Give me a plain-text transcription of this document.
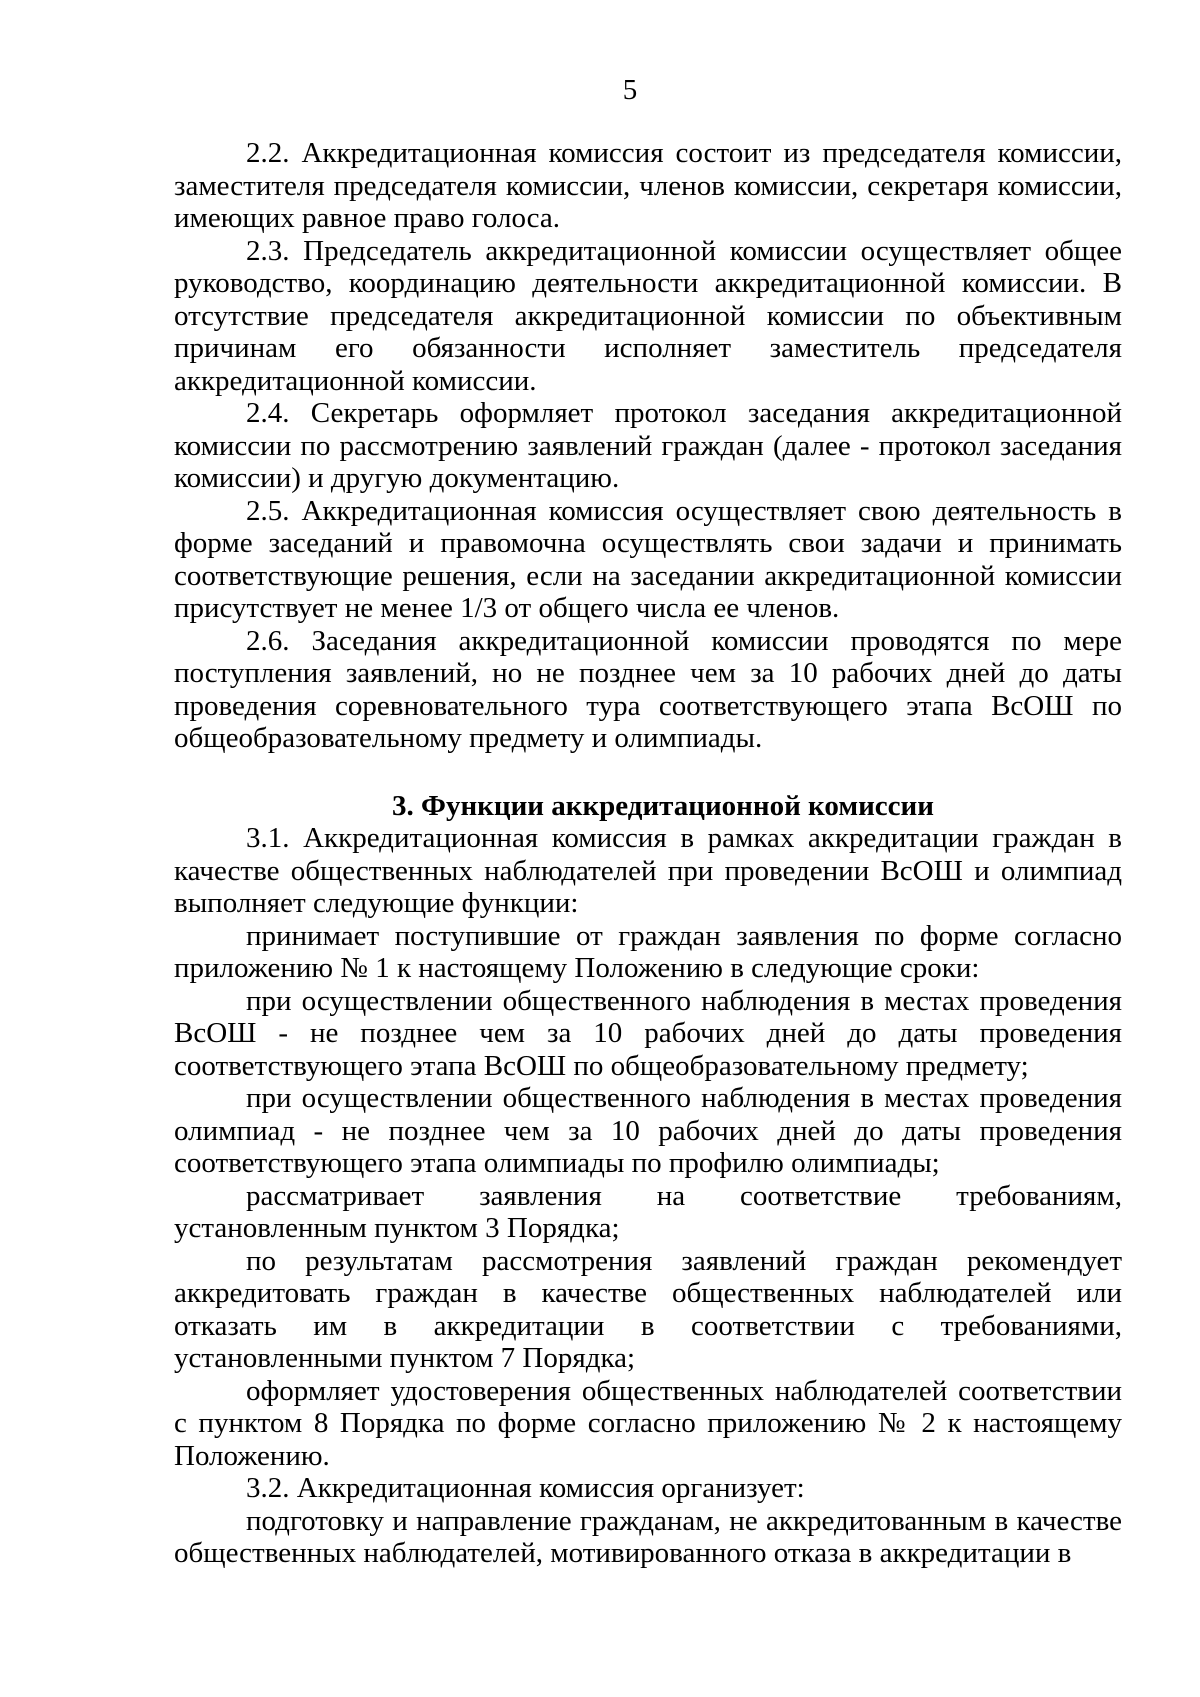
5

2.2. Аккредитационная комиссия состоит из председателя комиссии, заместителя председателя комиссии, членов комиссии, секретаря комиссии, имеющих равное право голоса.

2.3. Председатель аккредитационной комиссии осуществляет общее руководство, координацию деятельности аккредитационной комиссии. В отсутствие председателя аккредитационной комиссии по объективным причинам его обязанности исполняет заместитель председателя аккредитационной комиссии.

2.4. Секретарь оформляет протокол заседания аккредитационной комиссии по рассмотрению заявлений граждан (далее - протокол заседания комиссии) и другую документацию.

2.5. Аккредитационная комиссия осуществляет свою деятельность в форме заседаний и правомочна осуществлять свои задачи и принимать соответствующие решения, если на заседании аккредитационной комиссии присутствует не менее 1/3 от общего числа ее членов.

2.6. Заседания аккредитационной комиссии проводятся по мере поступления заявлений, но не позднее чем за 10 рабочих дней до даты проведения соревновательного тура соответствующего этапа ВсОШ по общеобразовательному предмету и олимпиады.

3. Функции аккредитационной комиссии

3.1. Аккредитационная комиссия в рамках аккредитации граждан в качестве общественных наблюдателей при проведении ВсОШ и олимпиад выполняет следующие функции:

принимает поступившие от граждан заявления по форме согласно приложению № 1 к настоящему Положению в следующие сроки:

при осуществлении общественного наблюдения в местах проведения ВсОШ - не позднее чем за 10 рабочих дней до даты проведения соответствующего этапа ВсОШ по общеобразовательному предмету;

при осуществлении общественного наблюдения в местах проведения олимпиад - не позднее чем за 10 рабочих дней до даты проведения соответствующего этапа олимпиады по профилю олимпиады;

рассматривает заявления на соответствие требованиям, установленным пунктом 3 Порядка;

по результатам рассмотрения заявлений граждан рекомендует аккредитовать граждан в качестве общественных наблюдателей или отказать им в аккредитации в соответствии с требованиями, установленными пунктом 7 Порядка;

оформляет удостоверения общественных наблюдателей соответствии с пунктом 8 Порядка по форме согласно приложению № 2 к настоящему Положению.

3.2. Аккредитационная комиссия организует:

подготовку и направление гражданам, не аккредитованным в качестве общественных наблюдателей, мотивированного отказа в аккредитации в
